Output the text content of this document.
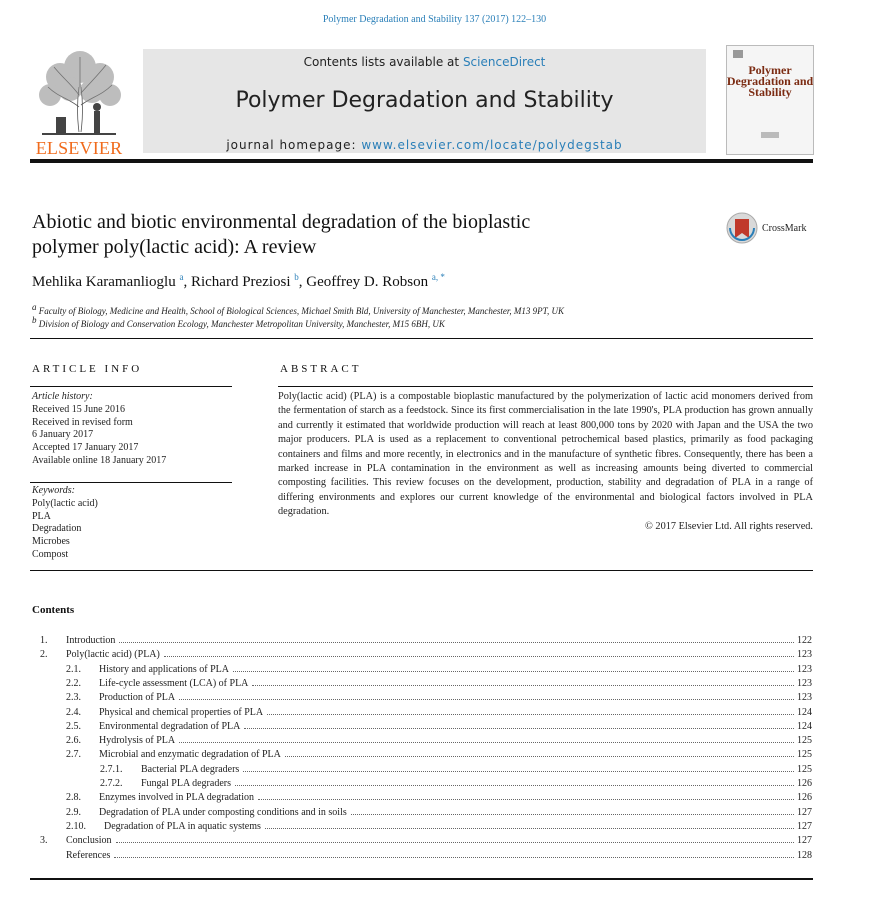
Polymer Degradation and Stability 137 (2017) 122–130
ELSEVIER
Contents lists available at ScienceDirect
Polymer Degradation and Stability
journal homepage: www.elsevier.com/locate/polydegstab
Polymer Degradation and Stability
Abiotic and biotic environmental degradation of the bioplastic
polymer poly(lactic acid): A review
CrossMark
Mehlika Karamanlioglu $^a$, Richard Preziosi $^b$, Geoffrey D. Robson $^{a, *}$
$^a$ Faculty of Biology, Medicine and Health, School of Biological Sciences, Michael Smith Bld, University of Manchester, Manchester, M13 9PT, UK
$^b$ Division of Biology and Conservation Ecology, Manchester Metropolitan University, Manchester, M15 6BH, UK
ARTICLE INFO
Article history:
Received 15 June 2016
Received in revised form
6 January 2017
Accepted 17 January 2017
Available online 18 January 2017
Keywords:
Poly(lactic acid)
PLA
Degradation
Microbes
Compost
ABSTRACT
Poly(lactic acid) (PLA) is a compostable bioplastic manufactured by the polymerization of lactic acid monomers derived from the fermentation of starch as a feedstock. Since its first commercialisation in the late 1990's, PLA production has grown annually and currently it estimated that worldwide production will reach at least 800,000 tons by 2020 with Japan and the USA the two major producers. PLA is used as a replacement to conventional petrochemical based plastics, primarily as food packaging containers and films and more recently, in electronics and in the manufacture of synthetic fibres. Consequently, there has been a marked increase in PLA contamination in the environment as well as increasing amounts being diverted to commercial composting facilities. This review focuses on the development, production, stability and degradation of PLA in a range of differing environments and explores our current knowledge of the environmental and biological factors involved in PLA degradation.
© 2017 Elsevier Ltd. All rights reserved.
Contents
1. Introduction	122
2. Poly(lactic acid) (PLA)	123
2.1. History and applications of PLA	123
2.2. Life-cycle assessment (LCA) of PLA	123
2.3. Production of PLA	123
2.4. Physical and chemical properties of PLA	124
2.5. Environmental degradation of PLA	124
2.6. Hydrolysis of PLA	125
2.7. Microbial and enzymatic degradation of PLA	125
2.7.1. Bacterial PLA degraders	125
2.7.2. Fungal PLA degraders	126
2.8. Enzymes involved in PLA degradation	126
2.9. Degradation of PLA under composting conditions and in soils	127
2.10. Degradation of PLA in aquatic systems	127
3. Conclusion	127
References	128
